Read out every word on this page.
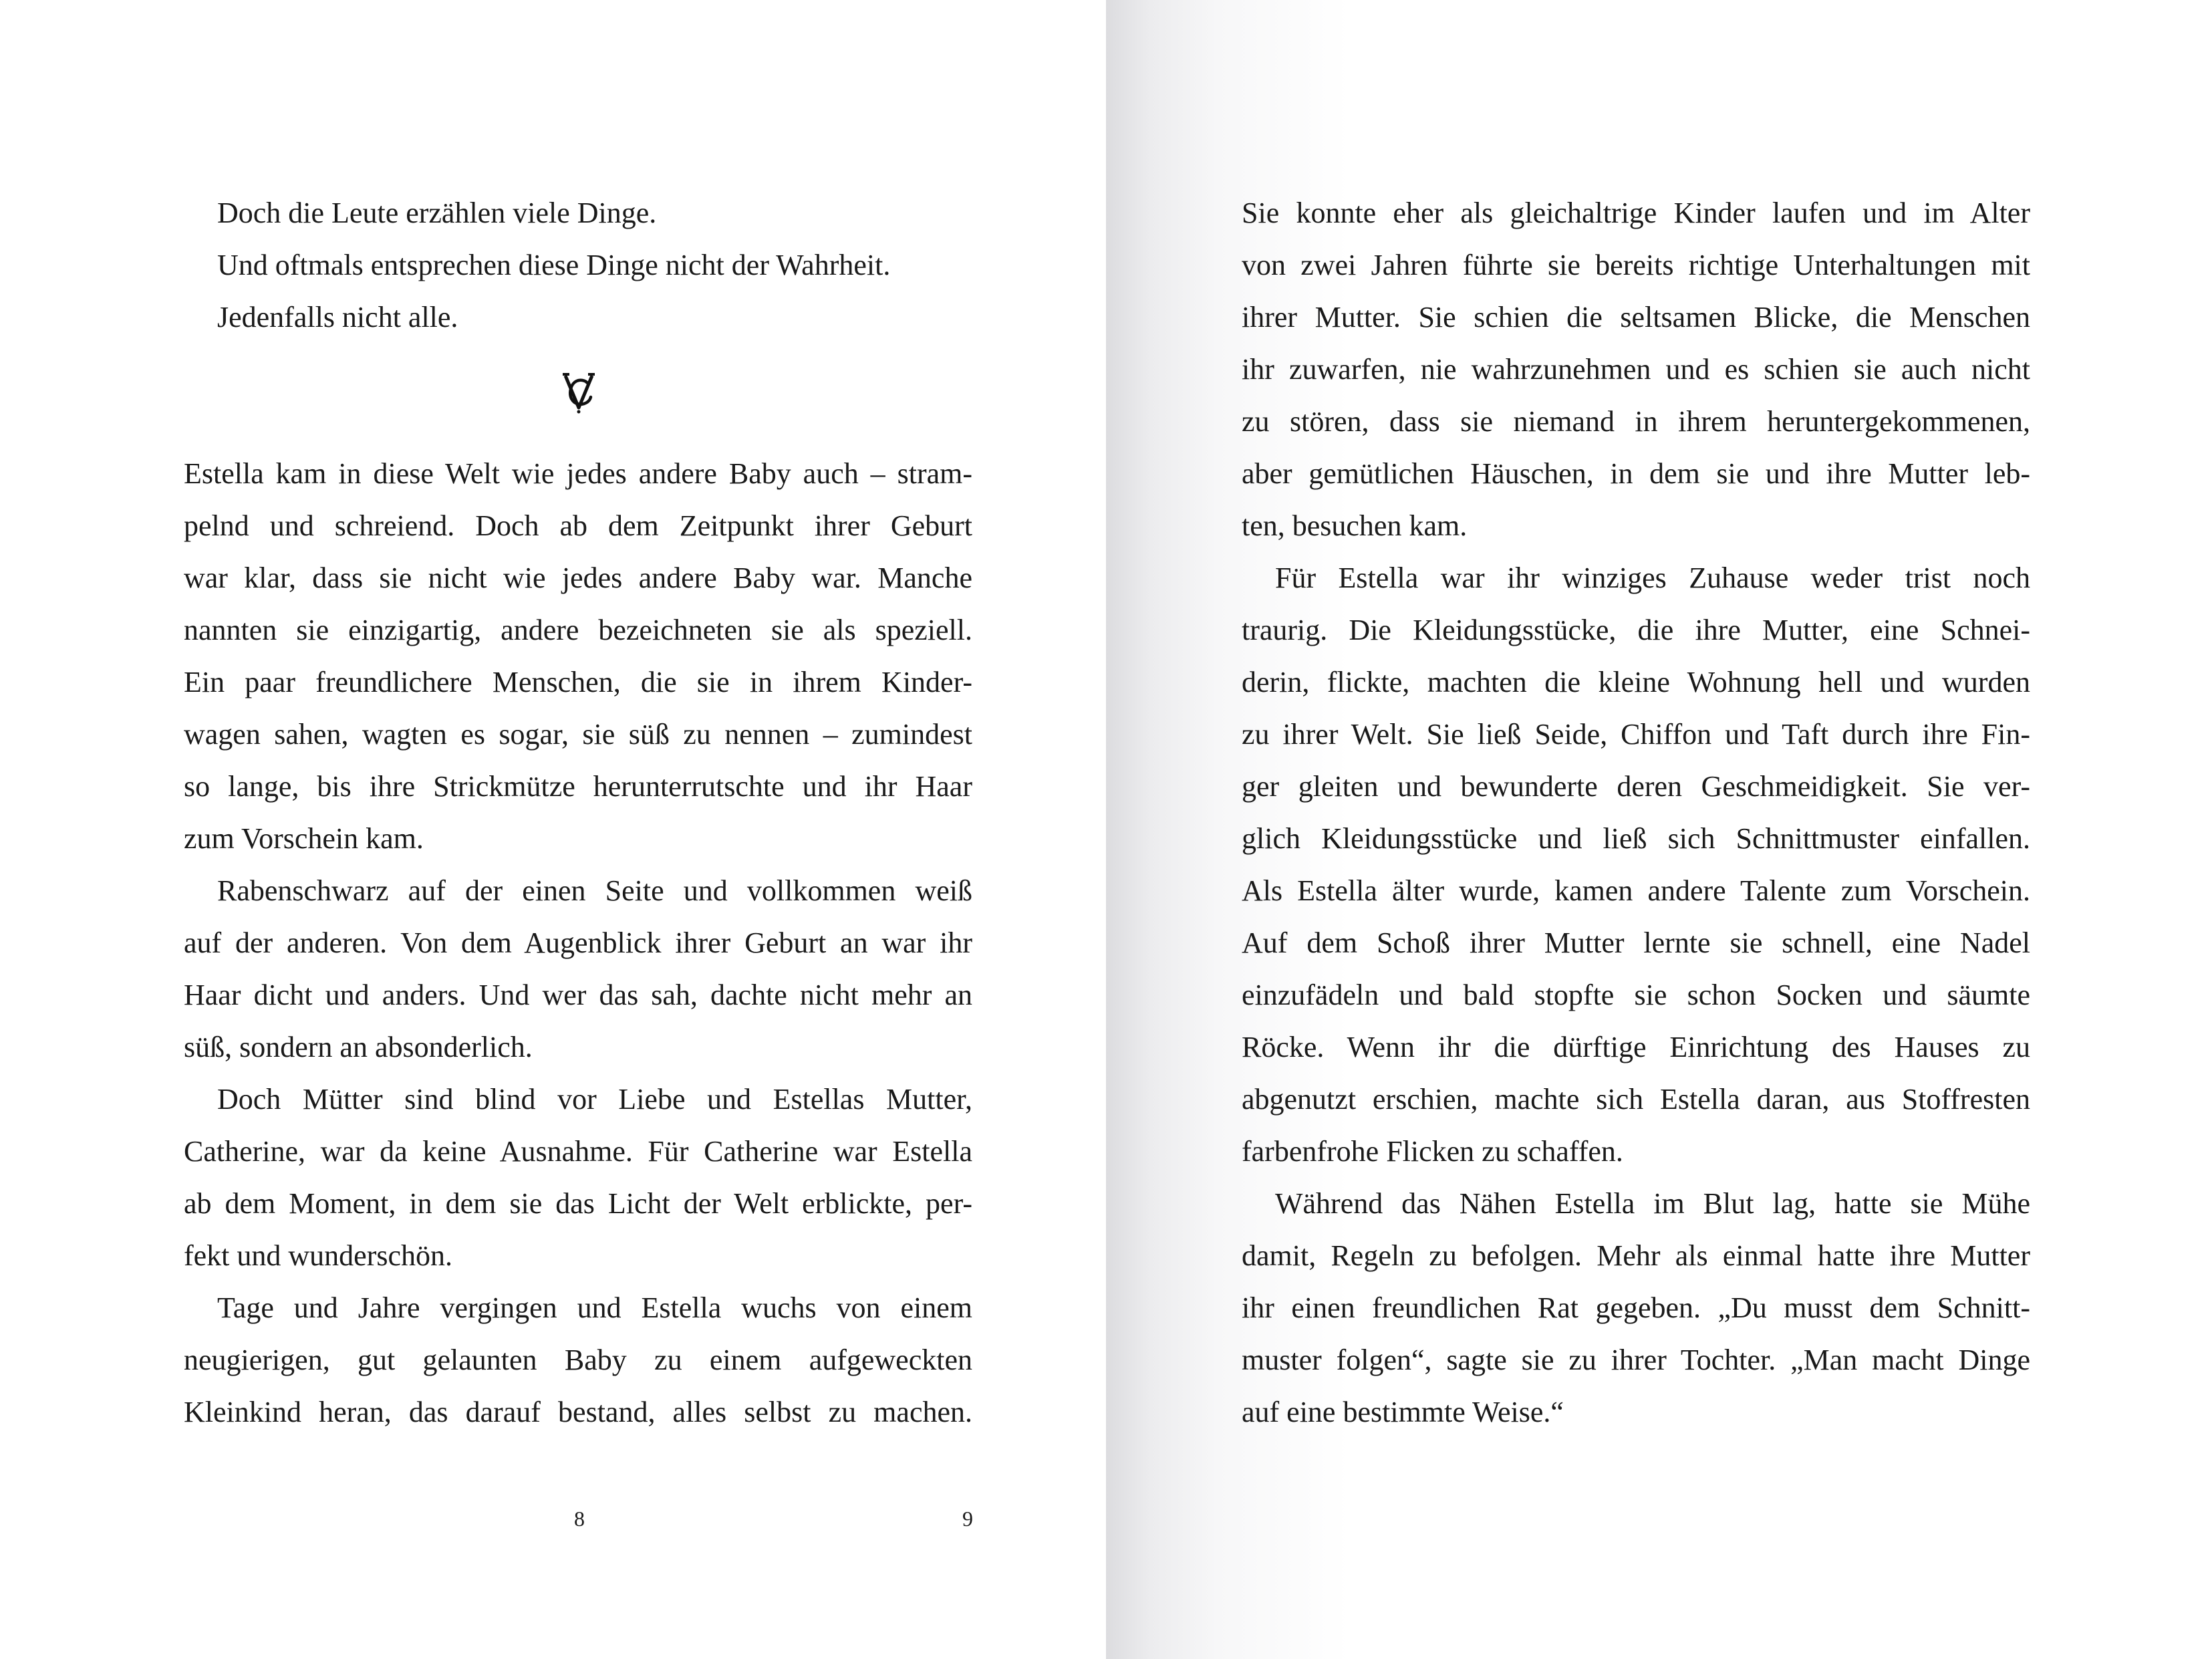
Doch die Leute erzählen viele Dinge.
Und oftmals entsprechen diese Dinge nicht der Wahrheit.
Jedenfalls nicht alle.
Estella kam in diese Welt wie jedes andere Baby auch – stram-
pelnd und schreiend. Doch ab dem Zeitpunkt ihrer Geburt
war klar, dass sie nicht wie jedes andere Baby war. Manche
nannten sie einzigartig, andere bezeichneten sie als speziell.
Ein paar freundlichere Menschen, die sie in ihrem Kinder-
wagen sahen, wagten es sogar, sie süß zu nennen – zumindest
so lange, bis ihre Strickmütze herunterrutschte und ihr Haar
zum Vorschein kam.
Rabenschwarz auf der einen Seite und vollkommen weiß
auf der anderen. Von dem Augenblick ihrer Geburt an war ihr
Haar dicht und anders. Und wer das sah, dachte nicht mehr an
süß, sondern an absonderlich.
Doch Mütter sind blind vor Liebe und Estellas Mutter,
Catherine, war da keine Ausnahme. Für Catherine war Estella
ab dem Moment, in dem sie das Licht der Welt erblickte, per-
fekt und wunderschön.
Tage und Jahre vergingen und Estella wuchs von einem
neugierigen, gut gelaunten Baby zu einem aufgeweckten
Kleinkind heran, das darauf bestand, alles selbst zu machen.
Sie konnte eher als gleichaltrige Kinder laufen und im Alter
von zwei Jahren führte sie bereits richtige Unterhaltungen mit
ihrer Mutter. Sie schien die seltsamen Blicke, die Menschen
ihr zuwarfen, nie wahrzunehmen und es schien sie auch nicht
zu stören, dass sie niemand in ihrem heruntergekommenen,
aber gemütlichen Häuschen, in dem sie und ihre Mutter leb-
ten, besuchen kam.
Für Estella war ihr winziges Zuhause weder trist noch
traurig. Die Kleidungsstücke, die ihre Mutter, eine Schnei-
derin, flickte, machten die kleine Wohnung hell und wurden
zu ihrer Welt. Sie ließ Seide, Chiffon und Taft durch ihre Fin-
ger gleiten und bewunderte deren Geschmeidigkeit. Sie ver-
glich Kleidungsstücke und ließ sich Schnittmuster einfallen.
Als Estella älter wurde, kamen andere Talente zum Vorschein.
Auf dem Schoß ihrer Mutter lernte sie schnell, eine Nadel
einzufädeln und bald stopfte sie schon Socken und säumte
Röcke. Wenn ihr die dürftige Einrichtung des Hauses zu
abgenutzt erschien, machte sich Estella daran, aus Stoffresten
farbenfrohe Flicken zu schaffen.
Während das Nähen Estella im Blut lag, hatte sie Mühe
damit, Regeln zu befolgen. Mehr als einmal hatte ihre Mutter
ihr einen freundlichen Rat gegeben. „Du musst dem Schnitt-
muster folgen“, sagte sie zu ihrer Tochter. „Man macht Dinge
auf eine bestimmte Weise.“
8	9
